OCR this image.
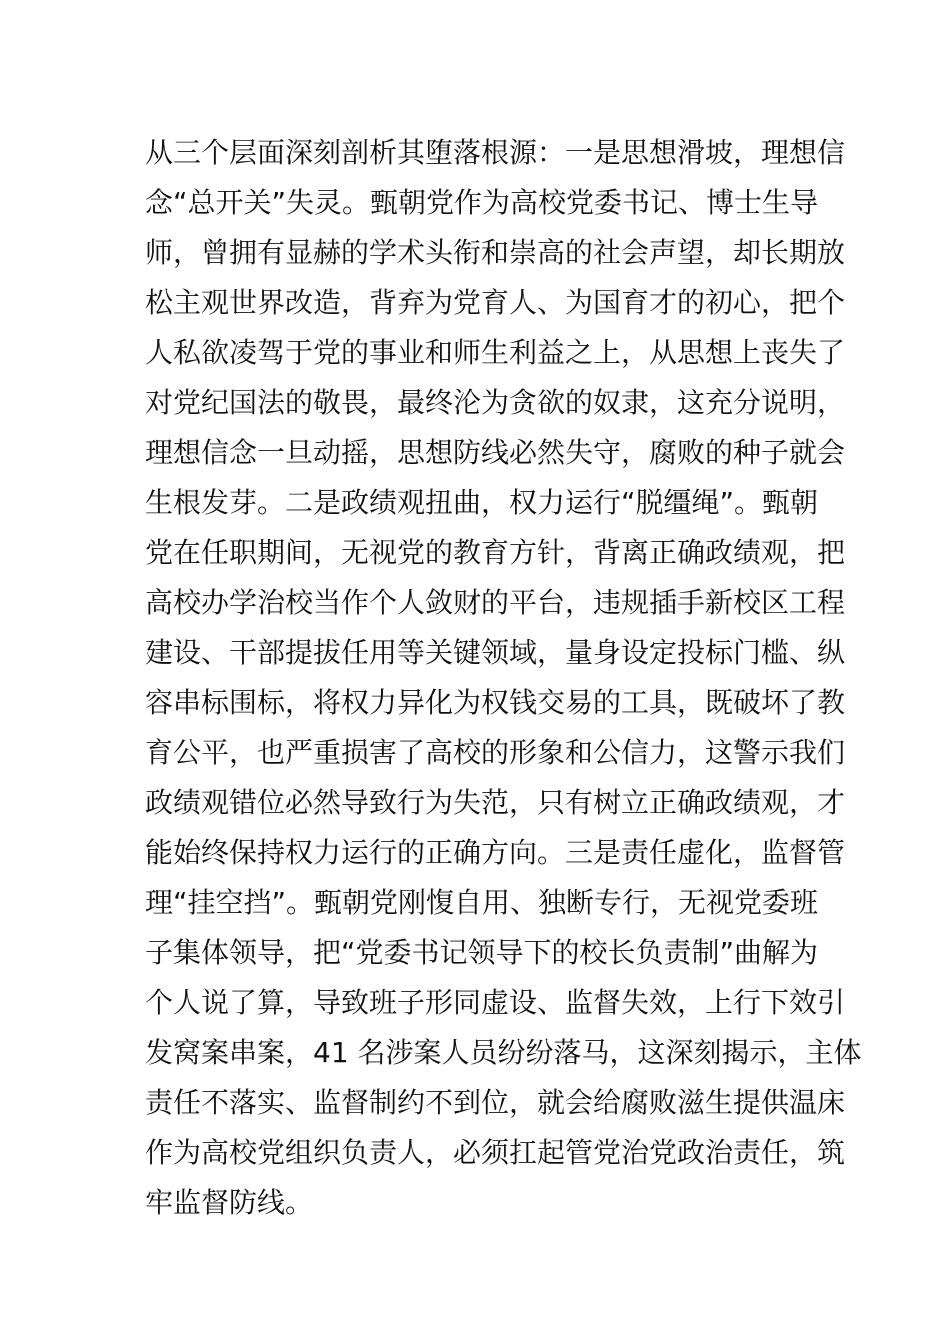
从三个层面深刻剖析其堕落根源：一是思想滑坡，理想信
念“总开关”失灵。甄朝党作为高校党委书记、博士生导
师，曾拥有显赫的学术头衔和崇高的社会声望，却长期放
松主观世界改造，背弃为党育人、为国育才的初心，把个
人私欲凌驾于党的事业和师生利益之上，从思想上丧失了
对党纪国法的敬畏，最终沦为贪欲的奴隶，这充分说明，
理想信念一旦动摇，思想防线必然失守，腐败的种子就会
生根发芽。二是政绩观扭曲，权力运行“脱缰绳”。甄朝
党在任职期间，无视党的教育方针，背离正确政绩观，把
高校办学治校当作个人敛财的平台，违规插手新校区工程
建设、干部提拔任用等关键领域，量身设定投标门槛、纵
容串标围标，将权力异化为权钱交易的工具，既破坏了教
育公平，也严重损害了高校的形象和公信力，这警示我们
政绩观错位必然导致行为失范，只有树立正确政绩观，才
能始终保持权力运行的正确方向。三是责任虚化，监督管
理“挂空挡”。甄朝党刚愎自用、独断专行，无视党委班
子集体领导，把“党委书记领导下的校长负责制”曲解为
个人说了算，导致班子形同虚设、监督失效，上行下效引
发窝案串案，41 名涉案人员纷纷落马，这深刻揭示，主体
责任不落实、监督制约不到位，就会给腐败滋生提供温床
作为高校党组织负责人，必须扛起管党治党政治责任，筑
牢监督防线。
